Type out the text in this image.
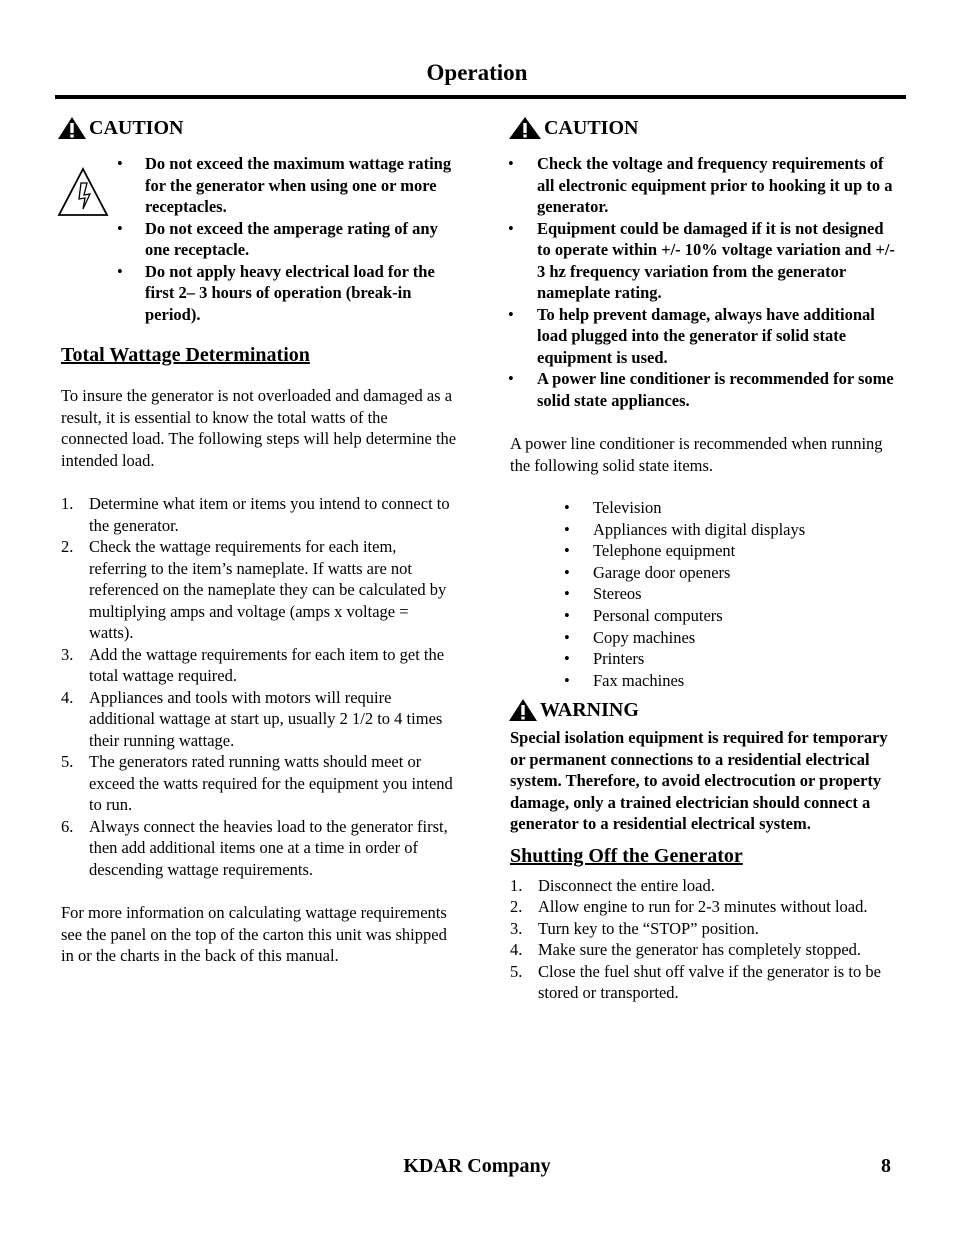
Operation
CAUTION
• Do not exceed the maximum wattage rating for the generator when using one or more receptacles.
• Do not exceed the amperage rating of any one receptacle.
• Do not apply heavy electrical load for the first 2– 3 hours of operation (break-in period).
Total Wattage Determination

To insure the generator is not overloaded and damaged as a result, it is essential to know the total watts of the connected load. The following steps will help determine the intended load.

1. Determine what item or items you intend to connect to the generator.
2. Check the wattage requirements for each item, referring to the item’s nameplate. If watts are not referenced on the nameplate they can be calculated by multiplying amps and voltage (amps x voltage = watts).
3. Add the wattage requirements for each item to get the total wattage required.
4. Appliances and tools with motors will require additional wattage at start up, usually 2 1/2 to 4 times their running wattage.
5. The generators rated running watts should meet or exceed the watts required for the equipment you intend to run.
6. Always connect the heavies load to the generator first, then add additional items one at a time in order of descending wattage requirements.

For more information on calculating wattage requirements see the panel on the top of the carton this unit was shipped in or the charts in the back of this manual.

CAUTION
• Check the voltage and frequency requirements of all electronic equipment prior to hooking it up to a generator.
• Equipment could be damaged if it is not designed to operate within +/- 10% voltage variation and +/- 3 hz frequency variation from the generator nameplate rating.
• To help prevent damage, always have additional load plugged into the generator if solid state equipment is used.
• A power line conditioner is recommended for some solid state appliances.

A power line conditioner is recommended when running the following solid state items.

• Television
• Appliances with digital displays
• Telephone equipment
• Garage door openers
• Stereos
• Personal computers
• Copy machines
• Printers
• Fax machines
WARNING

Special isolation equipment is required for temporary or permanent connections to a residential electrical system. Therefore, to avoid electrocution or property damage, only a trained electrician should connect a generator to a residential electrical system.

Shutting Off the Generator
1. Disconnect the entire load.
2. Allow engine to run for 2-3 minutes without load.
3. Turn key to the “STOP” position.
4. Make sure the generator has completely stopped.
5. Close the fuel shut off valve if the generator is to be stored or transported.
KDAR Company	8
